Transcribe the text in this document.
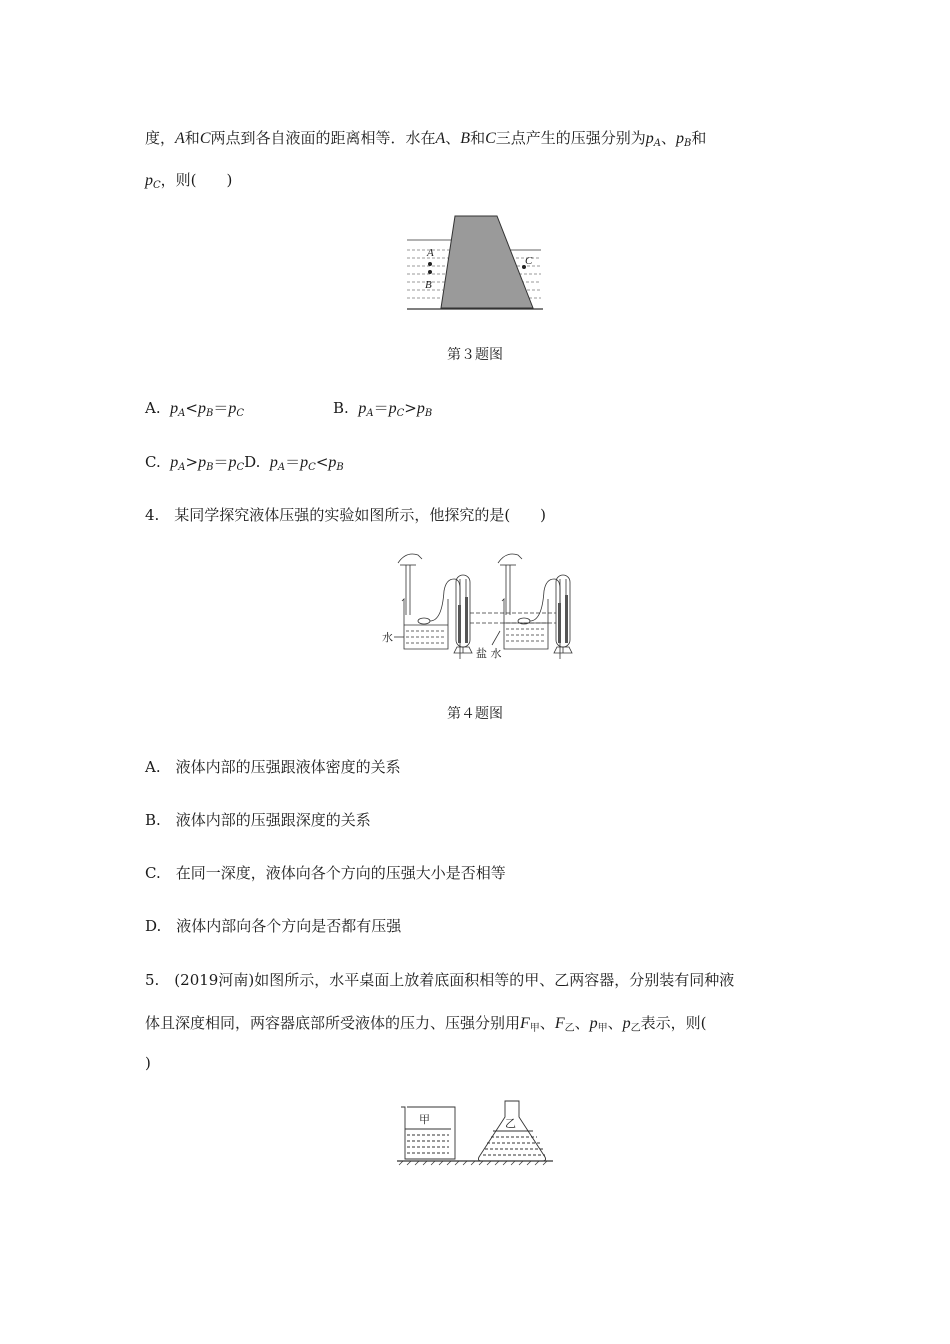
度，A和C两点到各自液面的距离相等．水在A、B和C三点产生的压强分别为$p_A$、$p_B$和
$p_C$，则(　　)
A
B
C
第３题图
A. $p_A<p_B=p_C$	B. $p_A=p_C>p_B$
C. $p_A>p_B=p_CD$. $p_A=p_C<p_B$
4.　某同学探究液体压强的实验如图所示，他探究的是(　　)
水
盐 水
第４题图
A.　液体内部的压强跟液体密度的关系
B.　液体内部的压强跟深度的关系
C.　在同一深度，液体向各个方向的压强大小是否相等
D.　液体内部向各个方向是否都有压强
5.　(2019河南)如图所示，水平桌面上放着底面积相等的甲、乙两容器，分别装有同种液
体且深度相同，两容器底部所受液体的压力、压强分别用$F_甲$、$F_乙$、$p_甲$、$p_乙$表示，则(
)
甲	乙
